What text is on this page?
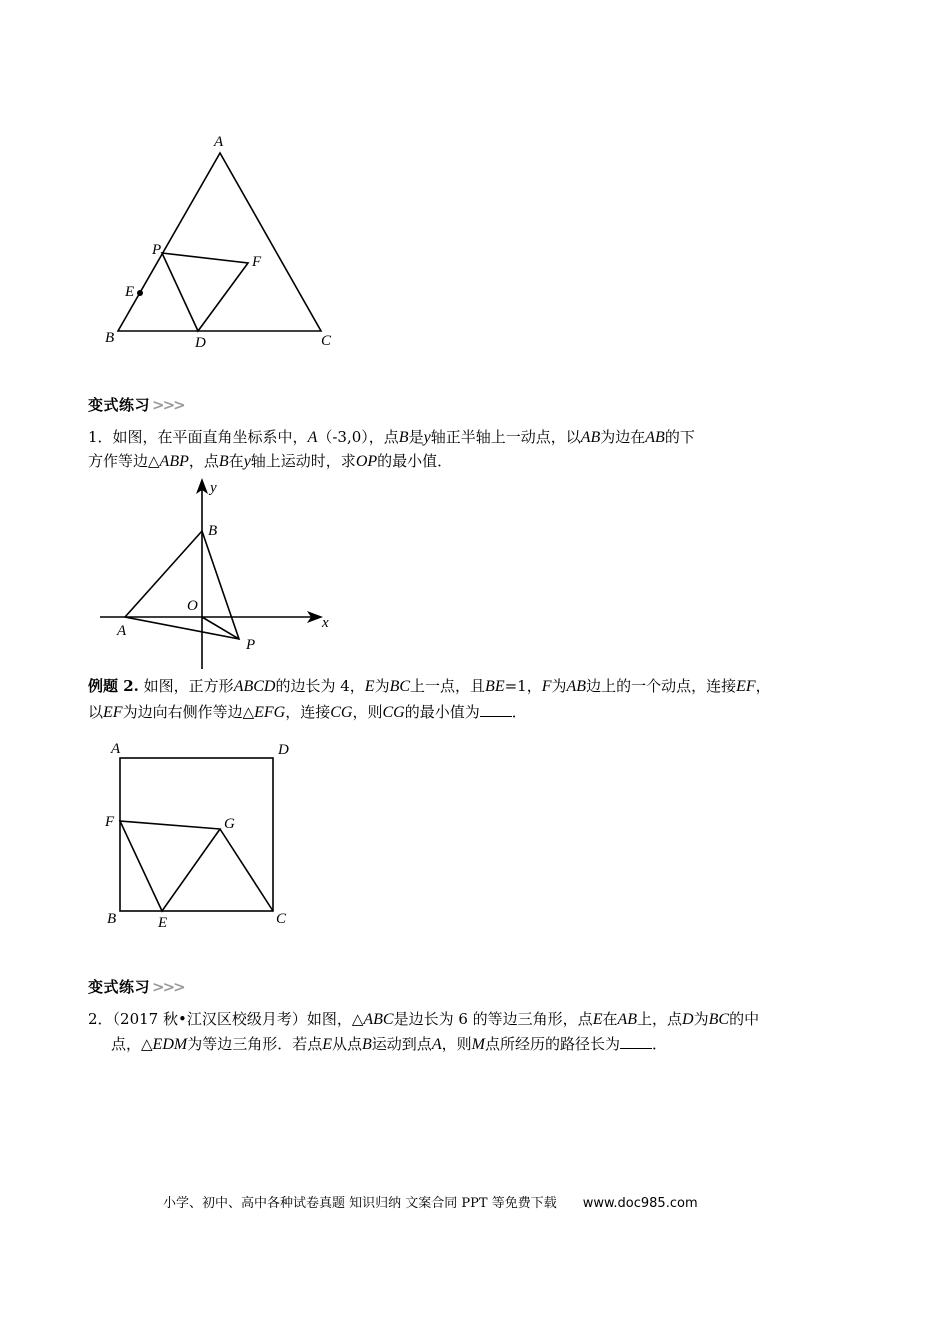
A
P
F
E
B	D	C
变式练习 >>>
1．如图，在平面直角坐标系中，A（-3,0），点B是y轴正半轴上一动点，以AB为边在AB的下
方作等边△ABP，点B在y轴上运动时，求OP的最小值．
y
B
O
x
A
P
例题 2. 如图，正方形ABCD的边长为 4，E为BC上一点，且BE=1，F为AB边上的一个动点，连接EF，
以EF为边向右侧作等边△EFG，连接CG，则CG的最小值为 ．
A	D
F	G
B	E	C
变式练习 >>>
2．（2017 秋•江汉区校级月考）如图，△ABC是边长为 6 的等边三角形，点E在AB上，点D为BC的中
点，△EDM为等边三角形．若点E从点B运动到点A，则M点所经历的路径长为 ．
小学、初中、高中各种试卷真题 知识归纳 文案合同 PPT 等免费下载 www.doc985.com
